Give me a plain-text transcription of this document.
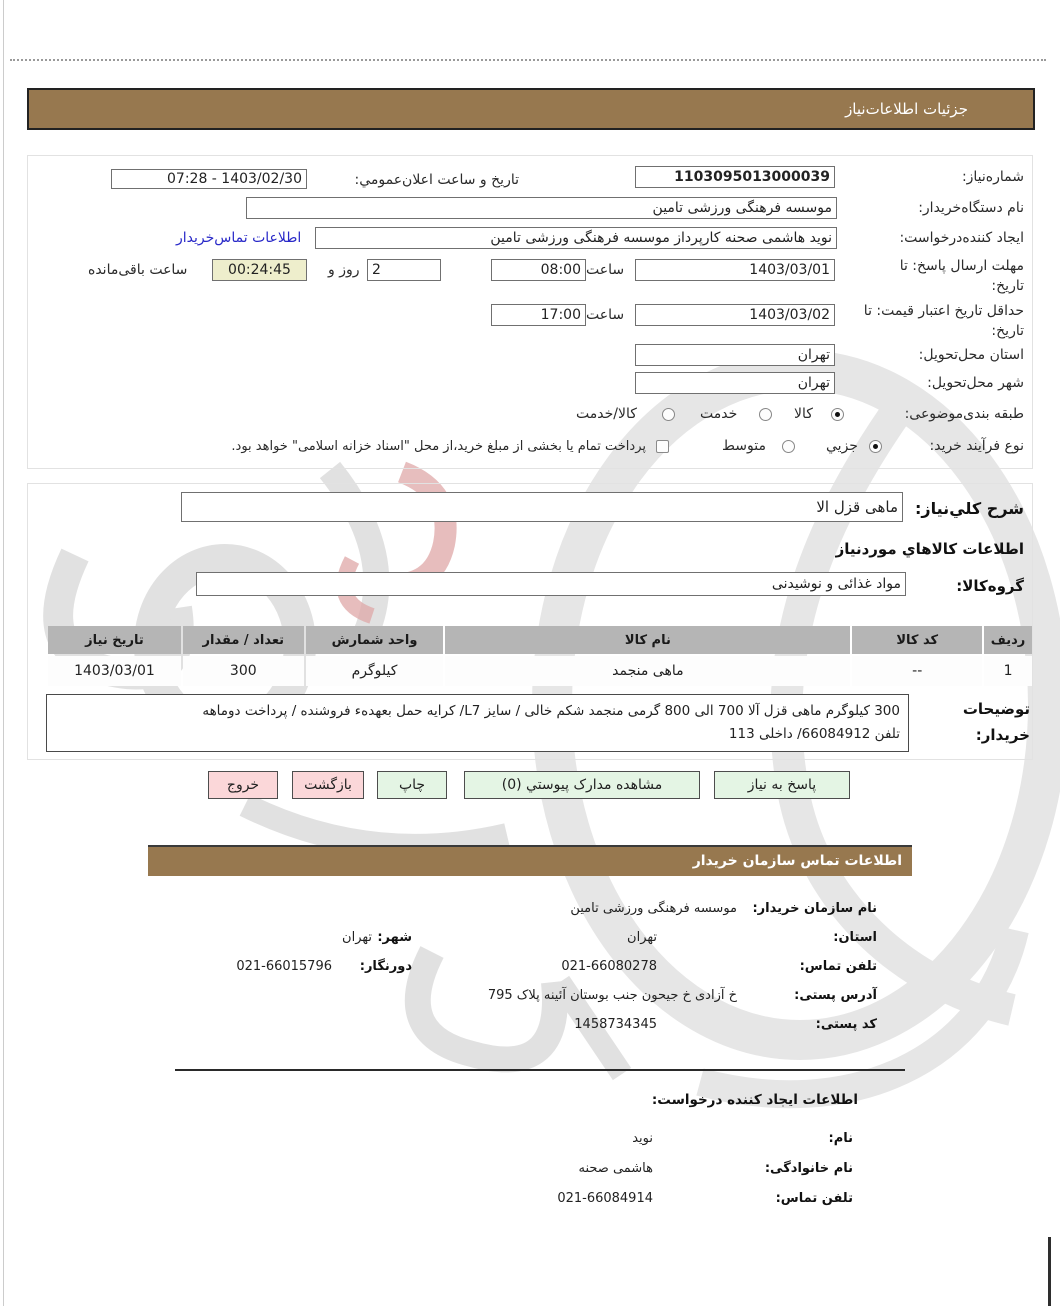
جزئیات اطلاعات‌نیاز
شماره‌نیاز:
1103095013000039
تاریخ و ساعت اعلان‌عمومي:
07:28 - 1403/02/30
نام دستگاه‌خریدار:
موسسه فرهنگی ورزشی تامین
ایجاد کننده‌درخواست:
نوید هاشمی صحنه کارپرداز موسسه فرهنگی ورزشی تامین
اطلاعات تماس‌خریدار
مهلت ارسال پاسخ: تا تاریخ:
1403/03/01
ساعت
08:00
2
روز و
00:24:45
ساعت باقی‌مانده
حداقل تاریخ اعتبار قیمت: تا تاریخ:
1403/03/02
ساعت
17:00
استان محل‌تحویل:
تهران
شهر محل‌تحویل:
تهران
طبقه بندی‌موضوعی:
کالا
خدمت
کالا/خدمت
نوع فرآیند خرید:
جزیي
متوسط
پرداخت تمام یا بخشی از مبلغ خرید،از محل "اسناد خزانه اسلامی" خواهد بود.
شرح کلي‌نیاز:
ماهی قزل الا
اطلاعات کالاهاي موردنیاز
گروه‌کالا:
مواد غذائی و نوشیدنی
ردیف	کد کالا	نام کالا	واحد شمارش	تعداد / مقدار	تاریخ نیاز
1	--	ماهی منجمد	کیلوگرم	300	1403/03/01
توضیحات
خریدار:
300 کیلوگرم ماهی قزل آلا 700 الی 800 گرمی منجمد شکم خالی / سایز L7/ کرایه حمل بعهدهء فروشنده / پرداخت دوماهه
تلفن 66084912/ داخلی 113
پاسخ به نیاز
مشاهده مدارک پیوستي (0)
چاپ
بازگشت
خروج
اطلاعات تماس سازمان خریدار
نام سازمان خریدار:
موسسه فرهنگی ورزشی تامین
استان:
تهران
شهر:
تهران
تلفن تماس:
021-66080278
دورنگار:
021-66015796
آدرس پستی:
خ آزادی خ جیحون جنب بوستان آئینه پلاک 795
کد پستی:
1458734345
اطلاعات ایجاد کننده درخواست:
نام:
نوید
نام خانوادگی:
هاشمی صحنه
تلفن تماس:
021-66084914
